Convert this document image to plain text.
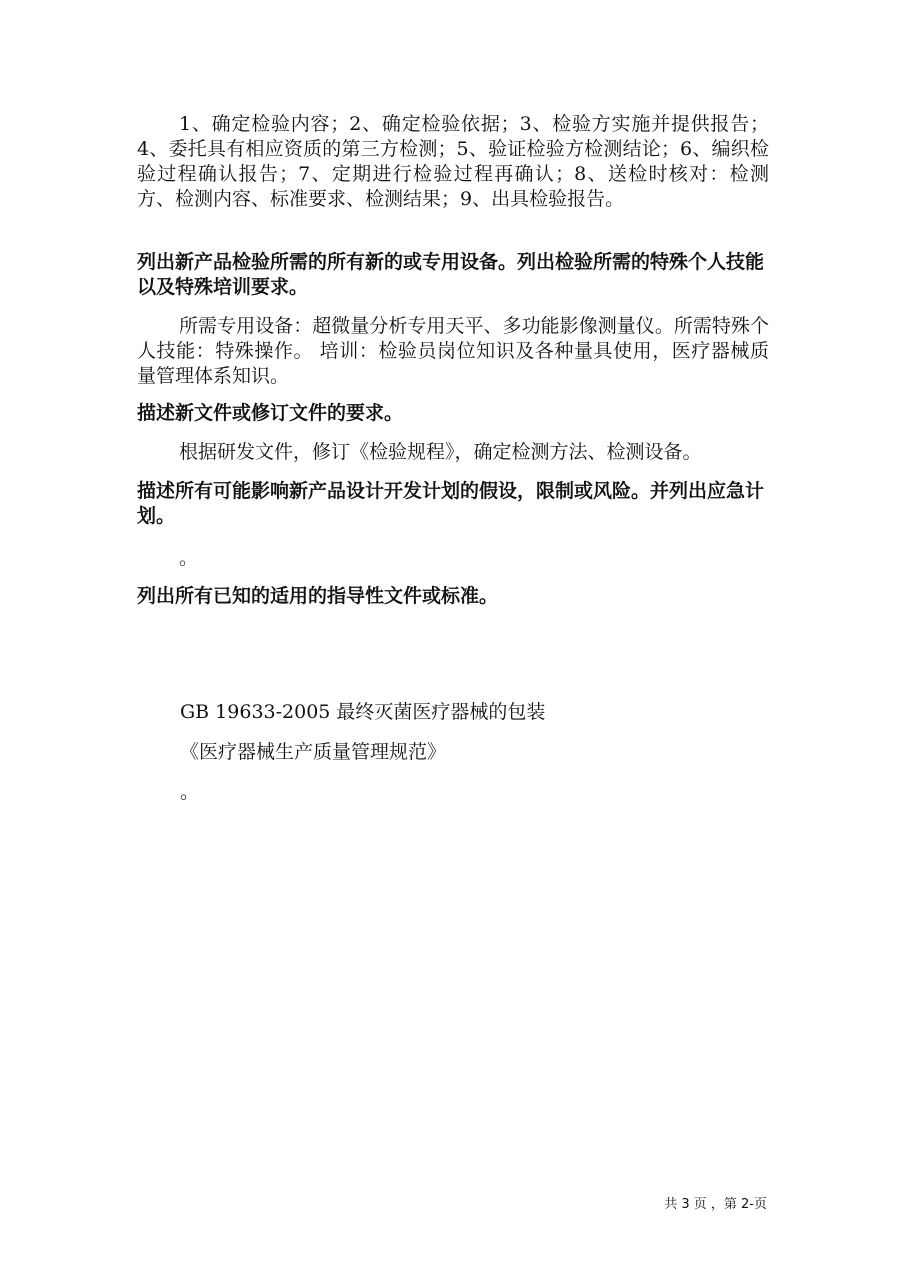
1、确定检验内容；2、确定检验依据；3、检验方实施并提供报告；4、委托具有相应资质的第三方检测；5、验证检验方检测结论；6、编织检验过程确认报告；7、定期进行检验过程再确认；8、送检时核对：检测方、检测内容、标准要求、检测结果；9、出具检验报告。

列出新产品检验所需的所有新的或专用设备。列出检验所需的特殊个人技能以及特殊培训要求。

所需专用设备：超微量分析专用天平、多功能影像测量仪。所需特殊个人技能：特殊操作。 培训：检验员岗位知识及各种量具使用，医疗器械质量管理体系知识。

描述新文件或修订文件的要求。

根据研发文件，修订《检验规程》，确定检测方法、检测设备。

描述所有可能影响新产品设计开发计划的假设，限制或风险。并列出应急计划。

。

列出所有已知的适用的指导性文件或标准。

GB 19633-2005 最终灭菌医疗器械的包装
《医疗器械生产质量管理规范》
。
共 3 页 ，第 2-页
